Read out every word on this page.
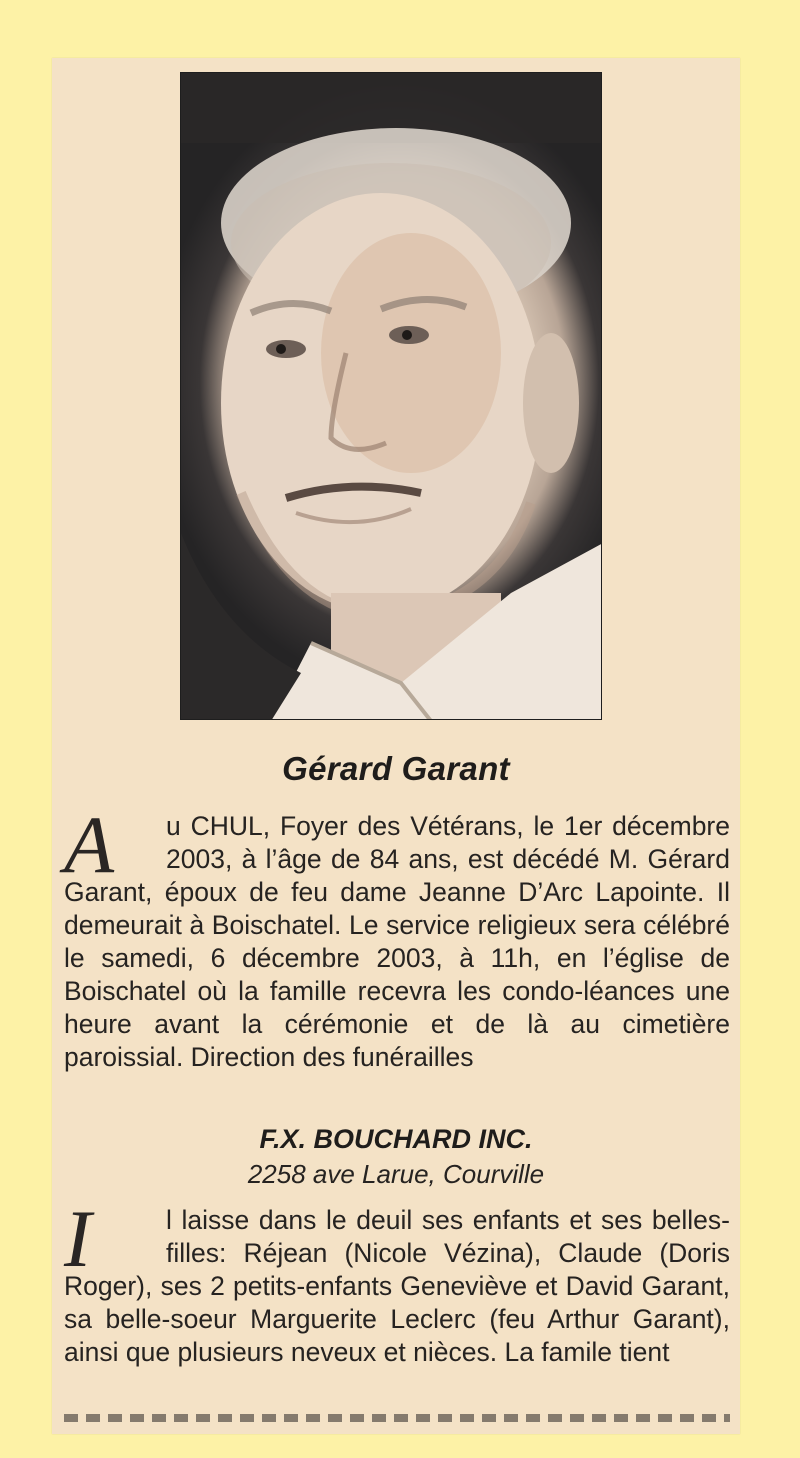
Gérard Garant

A	u CHUL, Foyer des Vétérans, le 1er décembre 2003, à l’âge de 84 ans, est décédé M. Gérard Garant, époux de feu dame Jeanne D’Arc Lapointe. Il demeurait à Boischatel. Le service religieux sera célébré le samedi, 6 décembre 2003, à 11h, en l’église de Boischatel où la famille recevra les condo-léances une heure avant la cérémonie et de là au cimetière paroissial. Direction des funérailles

F.X. BOUCHARD INC.
2258 ave Larue, Courville

I	l laisse dans le deuil ses enfants et ses belles-filles: Réjean (Nicole Vézina), Claude (Doris Roger), ses 2 petits-enfants Geneviève et David Garant, sa belle-soeur Marguerite Leclerc (feu Arthur Garant), ainsi que plusieurs neveux et nièces. La famile tient
